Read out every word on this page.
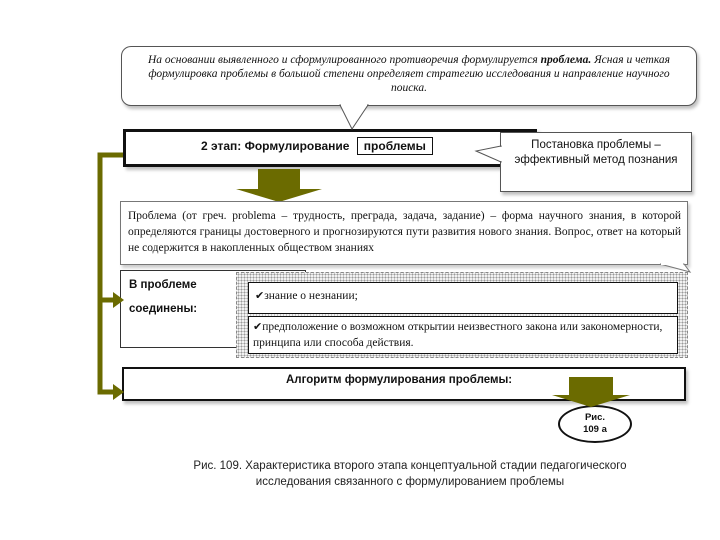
На основании выявленного и сформулированного противоречия формулируется проблема. Ясная и четкая формулировка проблемы в большой степени определяет стратегию исследования и направление научного поиска.
2 этап: Формулирование проблемы	Постановка проблемы – эффективный метод познания
Проблема (от греч. problema – трудность, преграда, задача, задание) – форма научного знания, в которой определяются границы достоверного и прогнозируются пути развития нового знания. Вопрос, ответ на который не содержится в накопленных обществом знаниях
В проблеме
соединены:
✔знание о незнании;
✔предположение о возможном открытии неизвестного закона или закономерности, принципа или способа действия.
Алгоритм формулирования проблемы:
Рис.
109 а
Рис. 109. Характеристика второго этапа концептуальной стадии педагогического
исследования связанного с формулированием проблемы
